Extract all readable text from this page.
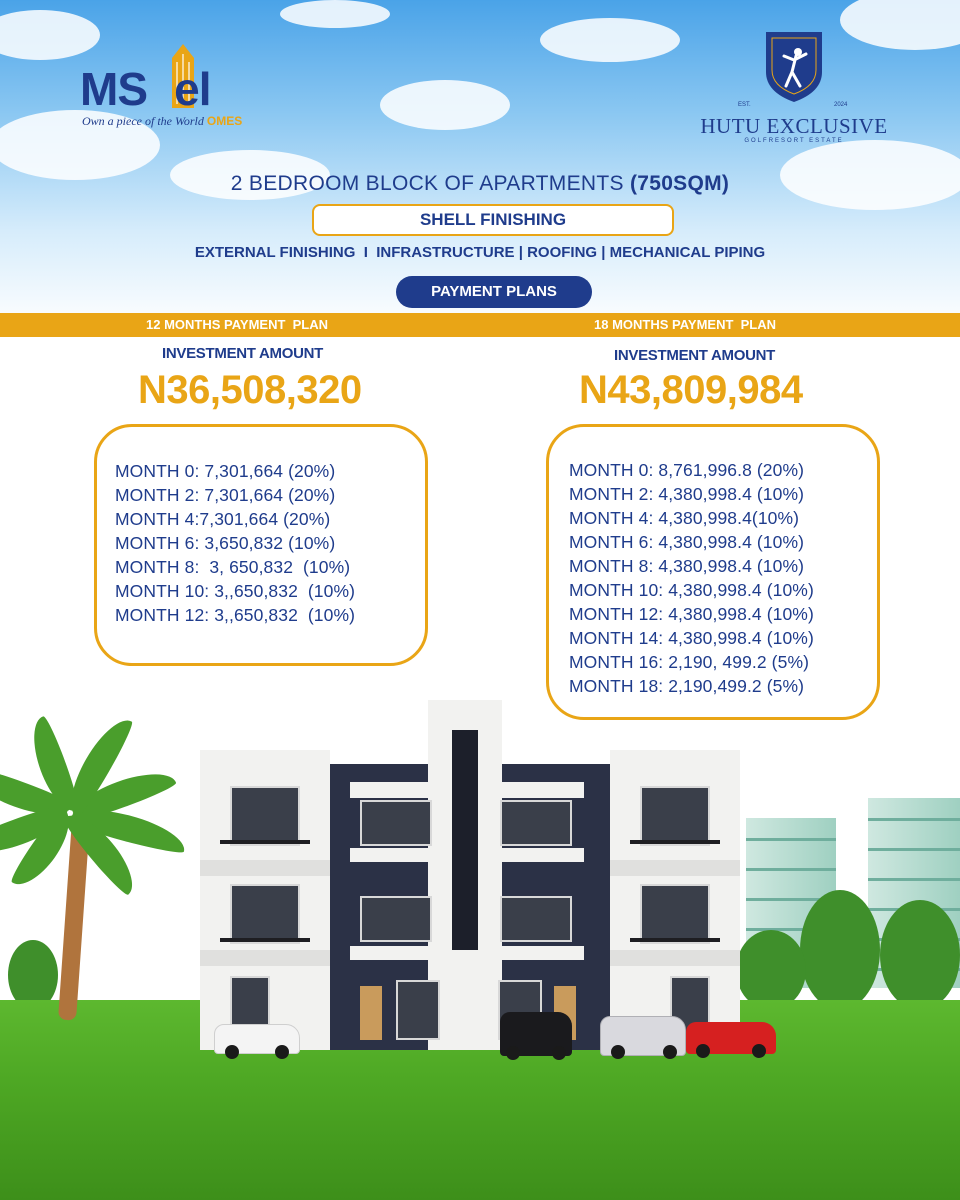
MS el
Own a piece of the World OMES
EST.	2024
HUTU EXCLUSIVE
GOLFRESORT ESTATE
2 BEDROOM BLOCK OF APARTMENTS (750SQM)
SHELL FINISHING
EXTERNAL FINISHING  I  INFRASTRUCTURE | ROOFING | MECHANICAL PIPING
PAYMENT PLANS
12 MONTHS PAYMENT  PLAN	18 MONTHS PAYMENT  PLAN
INVESTMENT AMOUNT
N36,508,320
MONTH 0: 7,301,664 (20%)
MONTH 2: 7,301,664 (20%)
MONTH 4:7,301,664 (20%)
MONTH 6: 3,650,832 (10%)
MONTH 8:  3, 650,832  (10%)
MONTH 10: 3,,650,832  (10%)
MONTH 12: 3,,650,832  (10%)
INVESTMENT AMOUNT
N43,809,984
MONTH 0: 8,761,996.8 (20%)
MONTH 2: 4,380,998.4 (10%)
MONTH 4: 4,380,998.4(10%)
MONTH 6: 4,380,998.4 (10%)
MONTH 8: 4,380,998.4 (10%)
MONTH 10: 4,380,998.4 (10%)
MONTH 12: 4,380,998.4 (10%)
MONTH 14: 4,380,998.4 (10%)
MONTH 16: 2,190, 499.2 (5%)
MONTH 18: 2,190,499.2 (5%)
